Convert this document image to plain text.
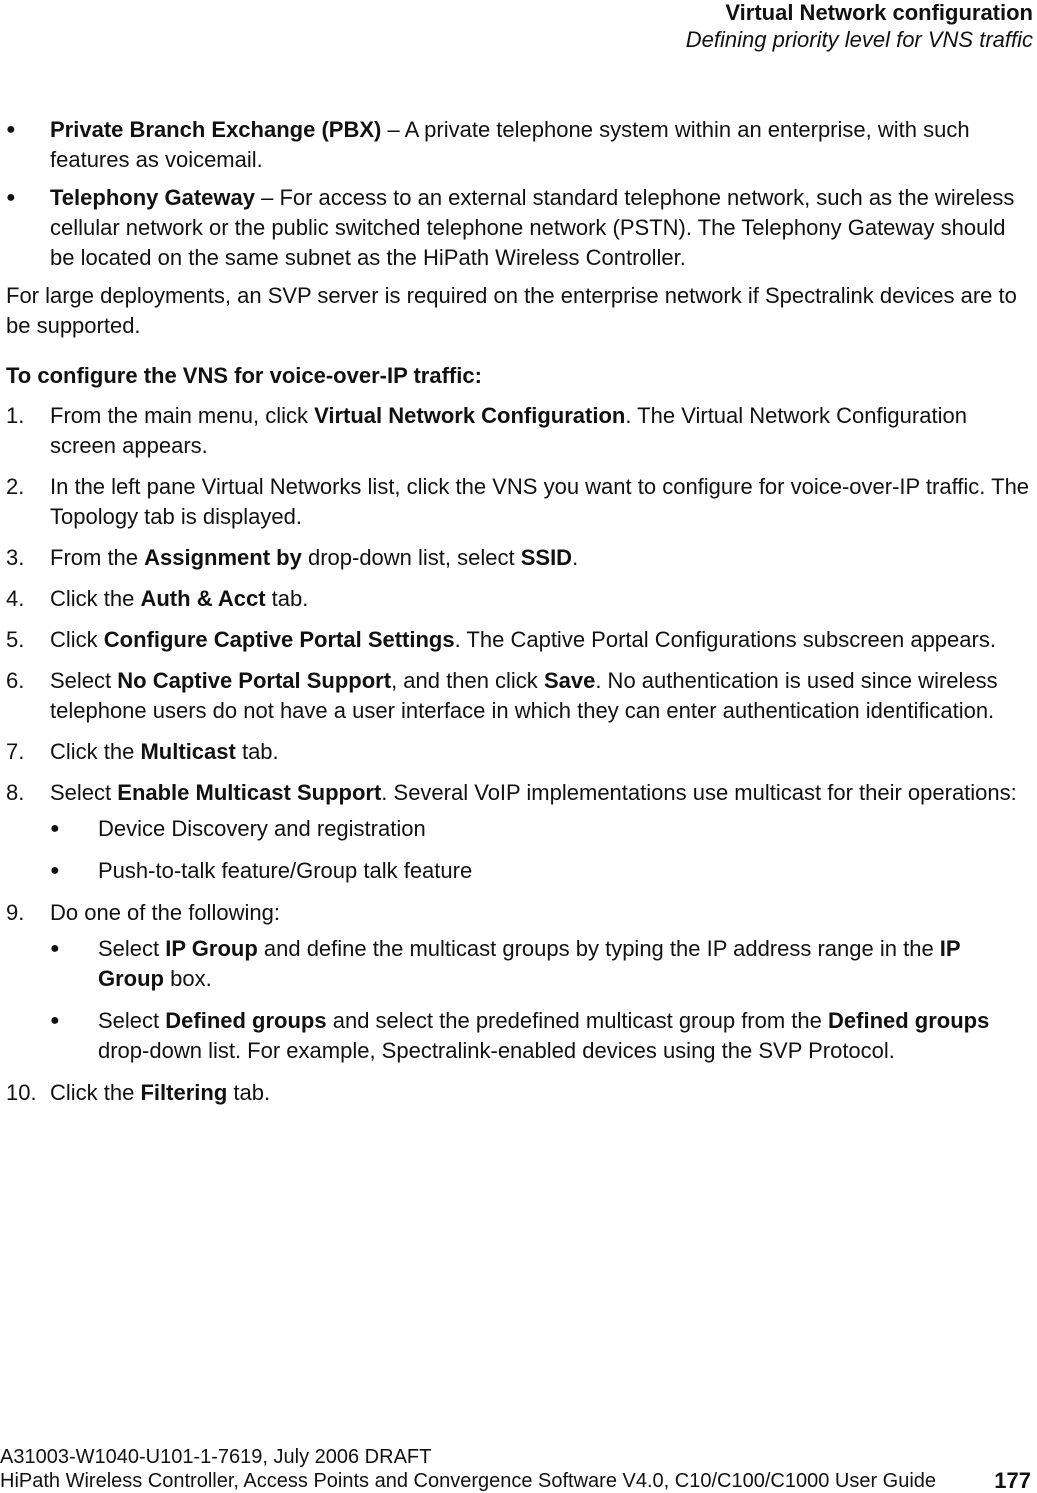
Virtual Network configuration
Defining priority level for VNS traffic
● Private Branch Exchange (PBX) – A private telephone system within an enterprise, with such features as voicemail.
● Telephony Gateway – For access to an external standard telephone network, such as the wireless cellular network or the public switched telephone network (PSTN). The Telephony Gateway should be located on the same subnet as the HiPath Wireless Controller.
For large deployments, an SVP server is required on the enterprise network if Spectralink devices are to be supported.
To configure the VNS for voice-over-IP traffic:
1. From the main menu, click Virtual Network Configuration. The Virtual Network Configuration screen appears.
2. In the left pane Virtual Networks list, click the VNS you want to configure for voice-over-IP traffic. The Topology tab is displayed.
3. From the Assignment by drop-down list, select SSID.
4. Click the Auth & Acct tab.
5. Click Configure Captive Portal Settings. The Captive Portal Configurations subscreen appears.
6. Select No Captive Portal Support, and then click Save. No authentication is used since wireless telephone users do not have a user interface in which they can enter authentication identification.
7. Click the Multicast tab.
8. Select Enable Multicast Support. Several VoIP implementations use multicast for their operations:
● Device Discovery and registration
● Push-to-talk feature/Group talk feature
9. Do one of the following:
● Select IP Group and define the multicast groups by typing the IP address range in the IP Group box.
● Select Defined groups and select the predefined multicast group from the Defined groups drop-down list. For example, Spectralink-enabled devices using the SVP Protocol.
10. Click the Filtering tab.
A31003-W1040-U101-1-7619, July 2006 DRAFT
HiPath Wireless Controller, Access Points and Convergence Software V4.0, C10/C100/C1000 User Guide	177
